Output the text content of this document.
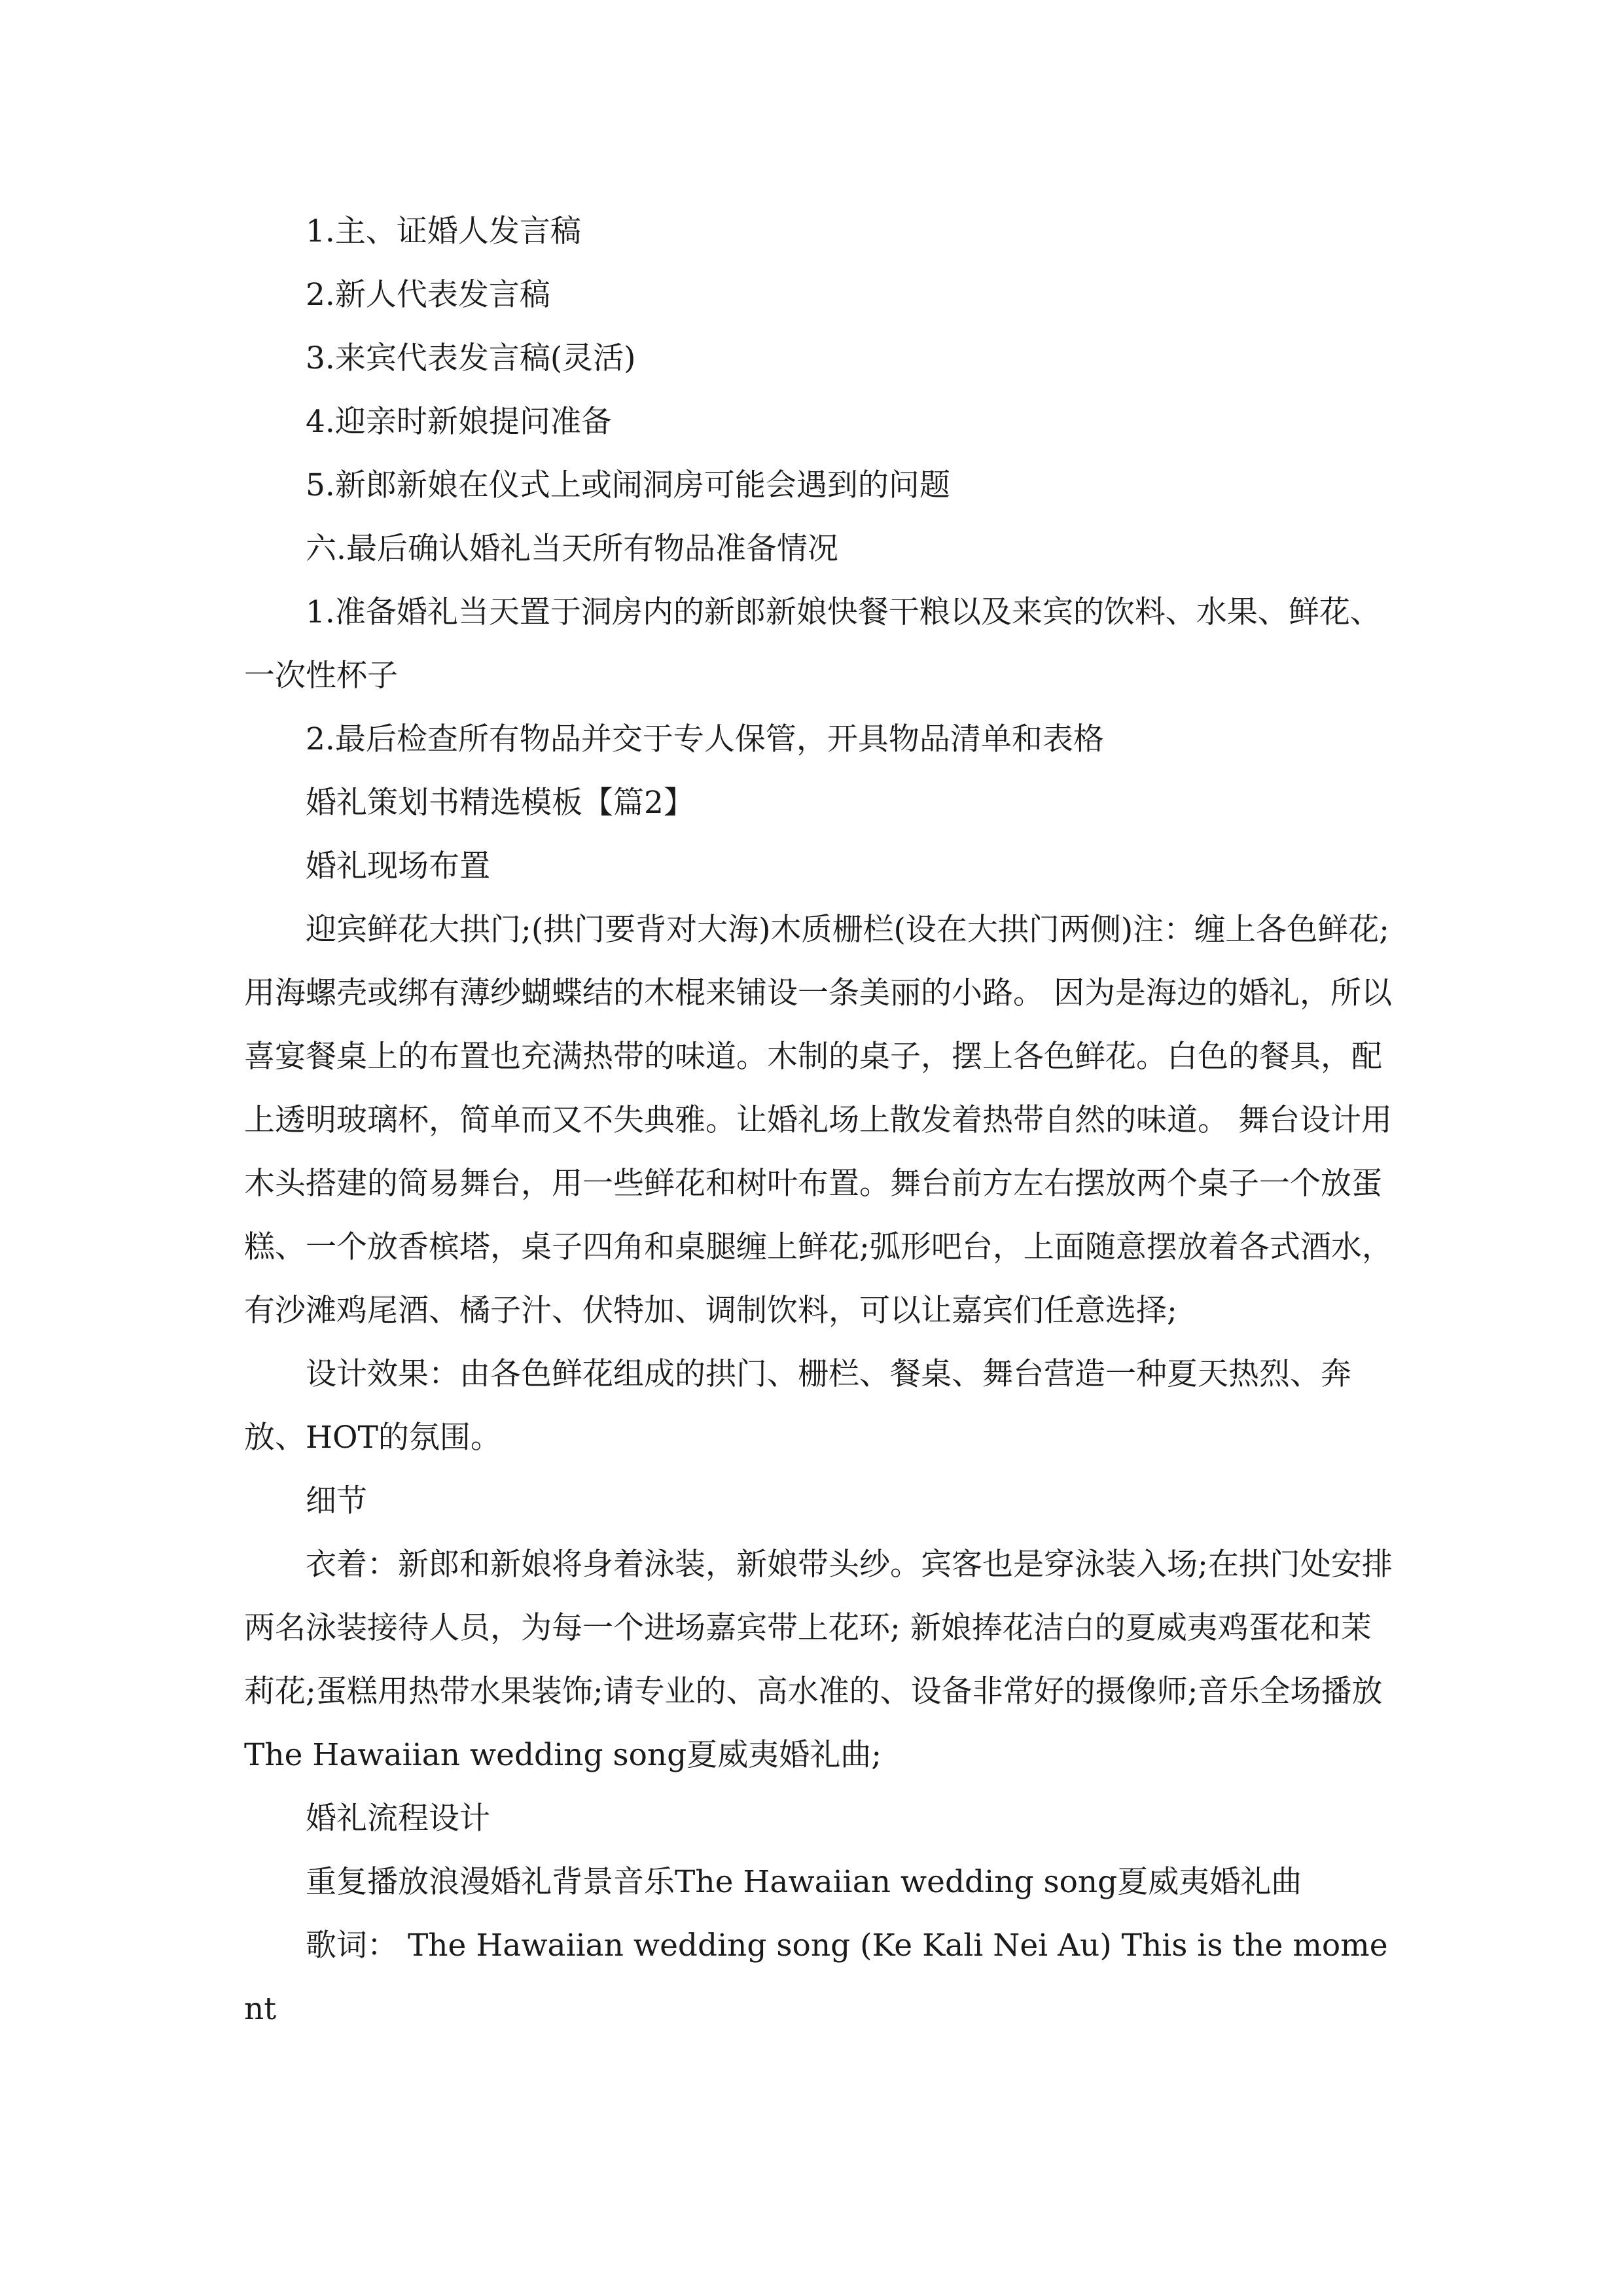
1.主、证婚人发言稿

2.新人代表发言稿

3.来宾代表发言稿(灵活)

4.迎亲时新娘提问准备

5.新郎新娘在仪式上或闹洞房可能会遇到的问题

六.最后确认婚礼当天所有物品准备情况

1.准备婚礼当天置于洞房内的新郎新娘快餐干粮以及来宾的饮料、水果、鲜花、一次性杯子

2.最后检查所有物品并交于专人保管，开具物品清单和表格

婚礼策划书精选模板【篇2】

婚礼现场布置

迎宾鲜花大拱门;(拱门要背对大海)木质栅栏(设在大拱门两侧)注：缠上各色鲜花;用海螺壳或绑有薄纱蝴蝶结的木棍来铺设一条美丽的小路。 因为是海边的婚礼，所以喜宴餐桌上的布置也充满热带的味道。木制的桌子，摆上各色鲜花。白色的餐具，配上透明玻璃杯，简单而又不失典雅。让婚礼场上散发着热带自然的味道。 舞台设计用木头搭建的简易舞台，用一些鲜花和树叶布置。舞台前方左右摆放两个桌子一个放蛋糕、一个放香槟塔，桌子四角和桌腿缠上鲜花;弧形吧台，上面随意摆放着各式酒水，有沙滩鸡尾酒、橘子汁、伏特加、调制饮料，可以让嘉宾们任意选择;

设计效果：由各色鲜花组成的拱门、栅栏、餐桌、舞台营造一种夏天热烈、奔放、HOT的氛围。

细节

衣着：新郎和新娘将身着泳装，新娘带头纱。宾客也是穿泳装入场;在拱门处安排两名泳装接待人员，为每一个进场嘉宾带上花环; 新娘捧花洁白的夏威夷鸡蛋花和茉莉花;蛋糕用热带水果装饰;请专业的、高水准的、设备非常好的摄像师;音乐全场播放The Hawaiian wedding song夏威夷婚礼曲;

婚礼流程设计

重复播放浪漫婚礼背景音乐The Hawaiian wedding song夏威夷婚礼曲

歌词： The Hawaiian wedding song (Ke Kali Nei Au) This is the moment
